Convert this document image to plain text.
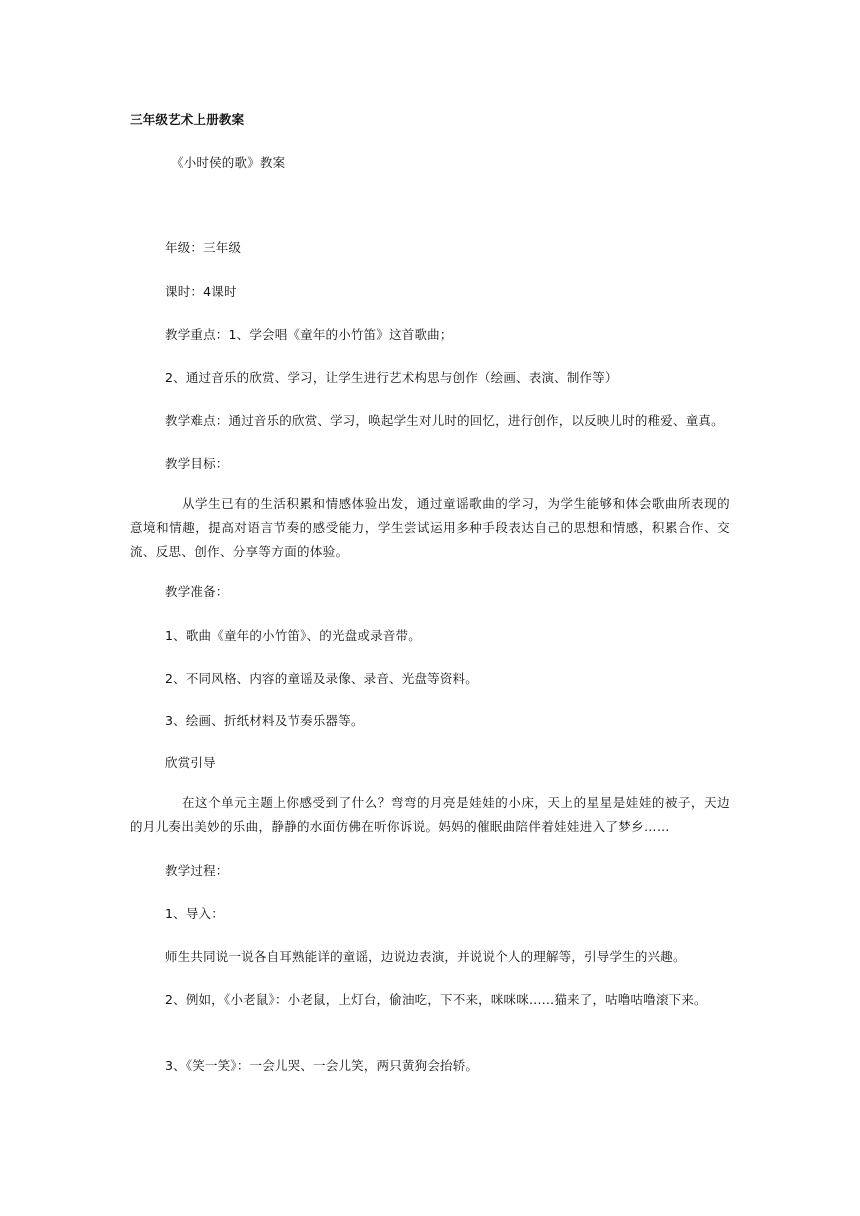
三年级艺术上册教案
《小时侯的歌》教案
年级：三年级
课时：4课时
教学重点：1、学会唱《童年的小竹笛》这首歌曲；
2、通过音乐的欣赏、学习，让学生进行艺术构思与创作（绘画、表演、制作等）
教学难点：通过音乐的欣赏、学习，唤起学生对儿时的回忆，进行创作，以反映儿时的稚爱、童真。
教学目标：
从学生已有的生活积累和情感体验出发，通过童谣歌曲的学习，为学生能够和体会歌曲所表现的意境和情趣，提高对语言节奏的感受能力，学生尝试运用多种手段表达自己的思想和情感，积累合作、交流、反思、创作、分享等方面的体验。
教学准备：
1、歌曲《童年的小竹笛》、的光盘或录音带。
2、不同风格、内容的童谣及录像、录音、光盘等资料。
3、绘画、折纸材料及节奏乐器等。
欣赏引导
在这个单元主题上你感受到了什么？弯弯的月亮是娃娃的小床，天上的星星是娃娃的被子，天边的月儿奏出美妙的乐曲，静静的水面仿佛在听你诉说。妈妈的催眠曲陪伴着娃娃进入了梦乡……
教学过程：
1、导入：
师生共同说一说各自耳熟能详的童谣，边说边表演，并说说个人的理解等，引导学生的兴趣。
2、例如，《小老鼠》：小老鼠，上灯台，偷油吃，下不来，咪咪咪……猫来了，咕噜咕噜滚下来。
3、《笑一笑》：一会儿哭、一会儿笑，两只黄狗会抬轿。
